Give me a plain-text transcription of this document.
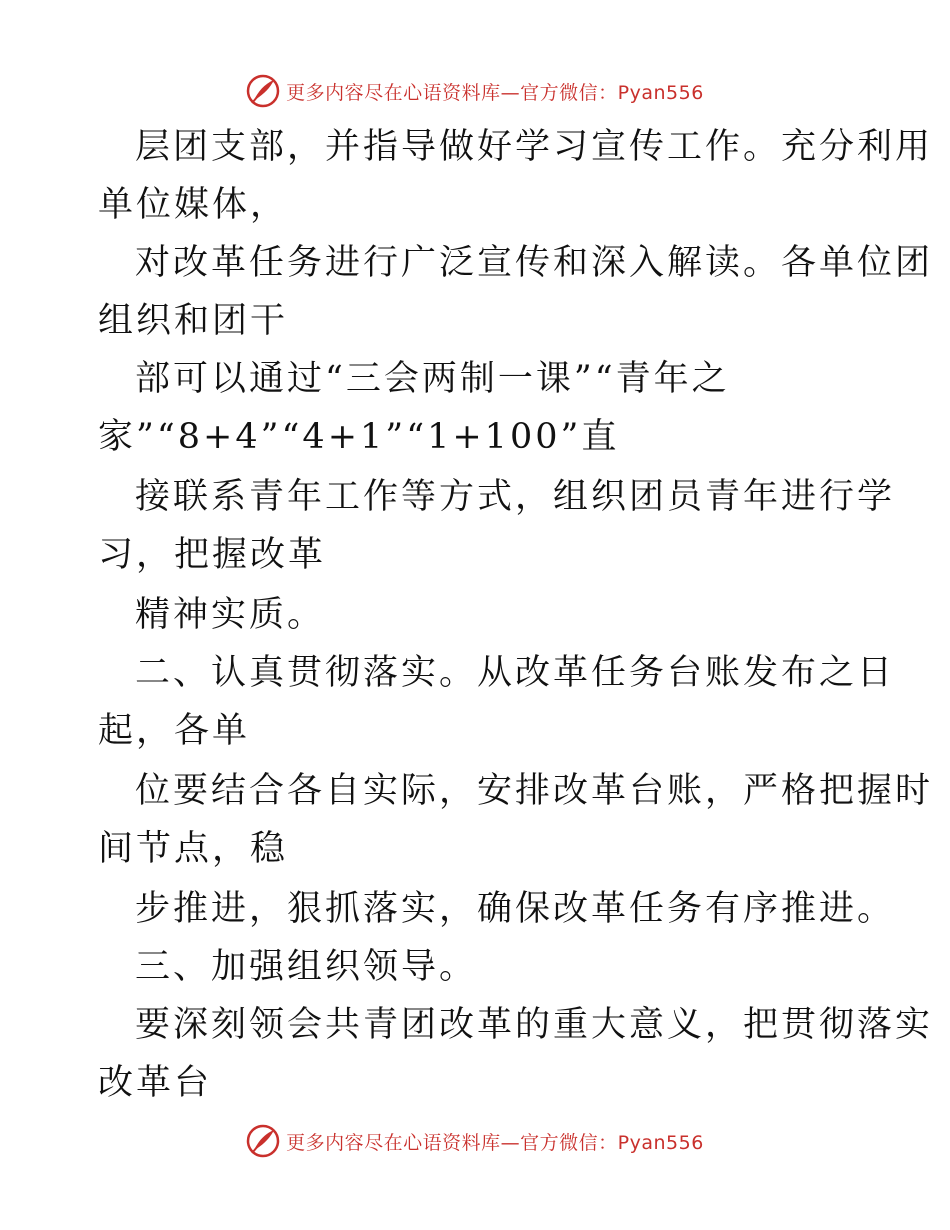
更多内容尽在心语资料库—官方微信：Pyan556
层团支部，并指导做好学习宣传工作。充分利用
单位媒体，
对改革任务进行广泛宣传和深入解读。各单位团
组织和团干
部可以通过“三会两制一课”“青年之
家”“8+4”“4+1”“1+100”直
接联系青年工作等方式，组织团员青年进行学
习，把握改革
精神实质。
二、认真贯彻落实。从改革任务台账发布之日
起，各单
位要结合各自实际，安排改革台账，严格把握时
间节点，稳
步推进，狠抓落实，确保改革任务有序推进。
三、加强组织领导。
要深刻领会共青团改革的重大意义，把贯彻落实
改革台
更多内容尽在心语资料库—官方微信：Pyan556
